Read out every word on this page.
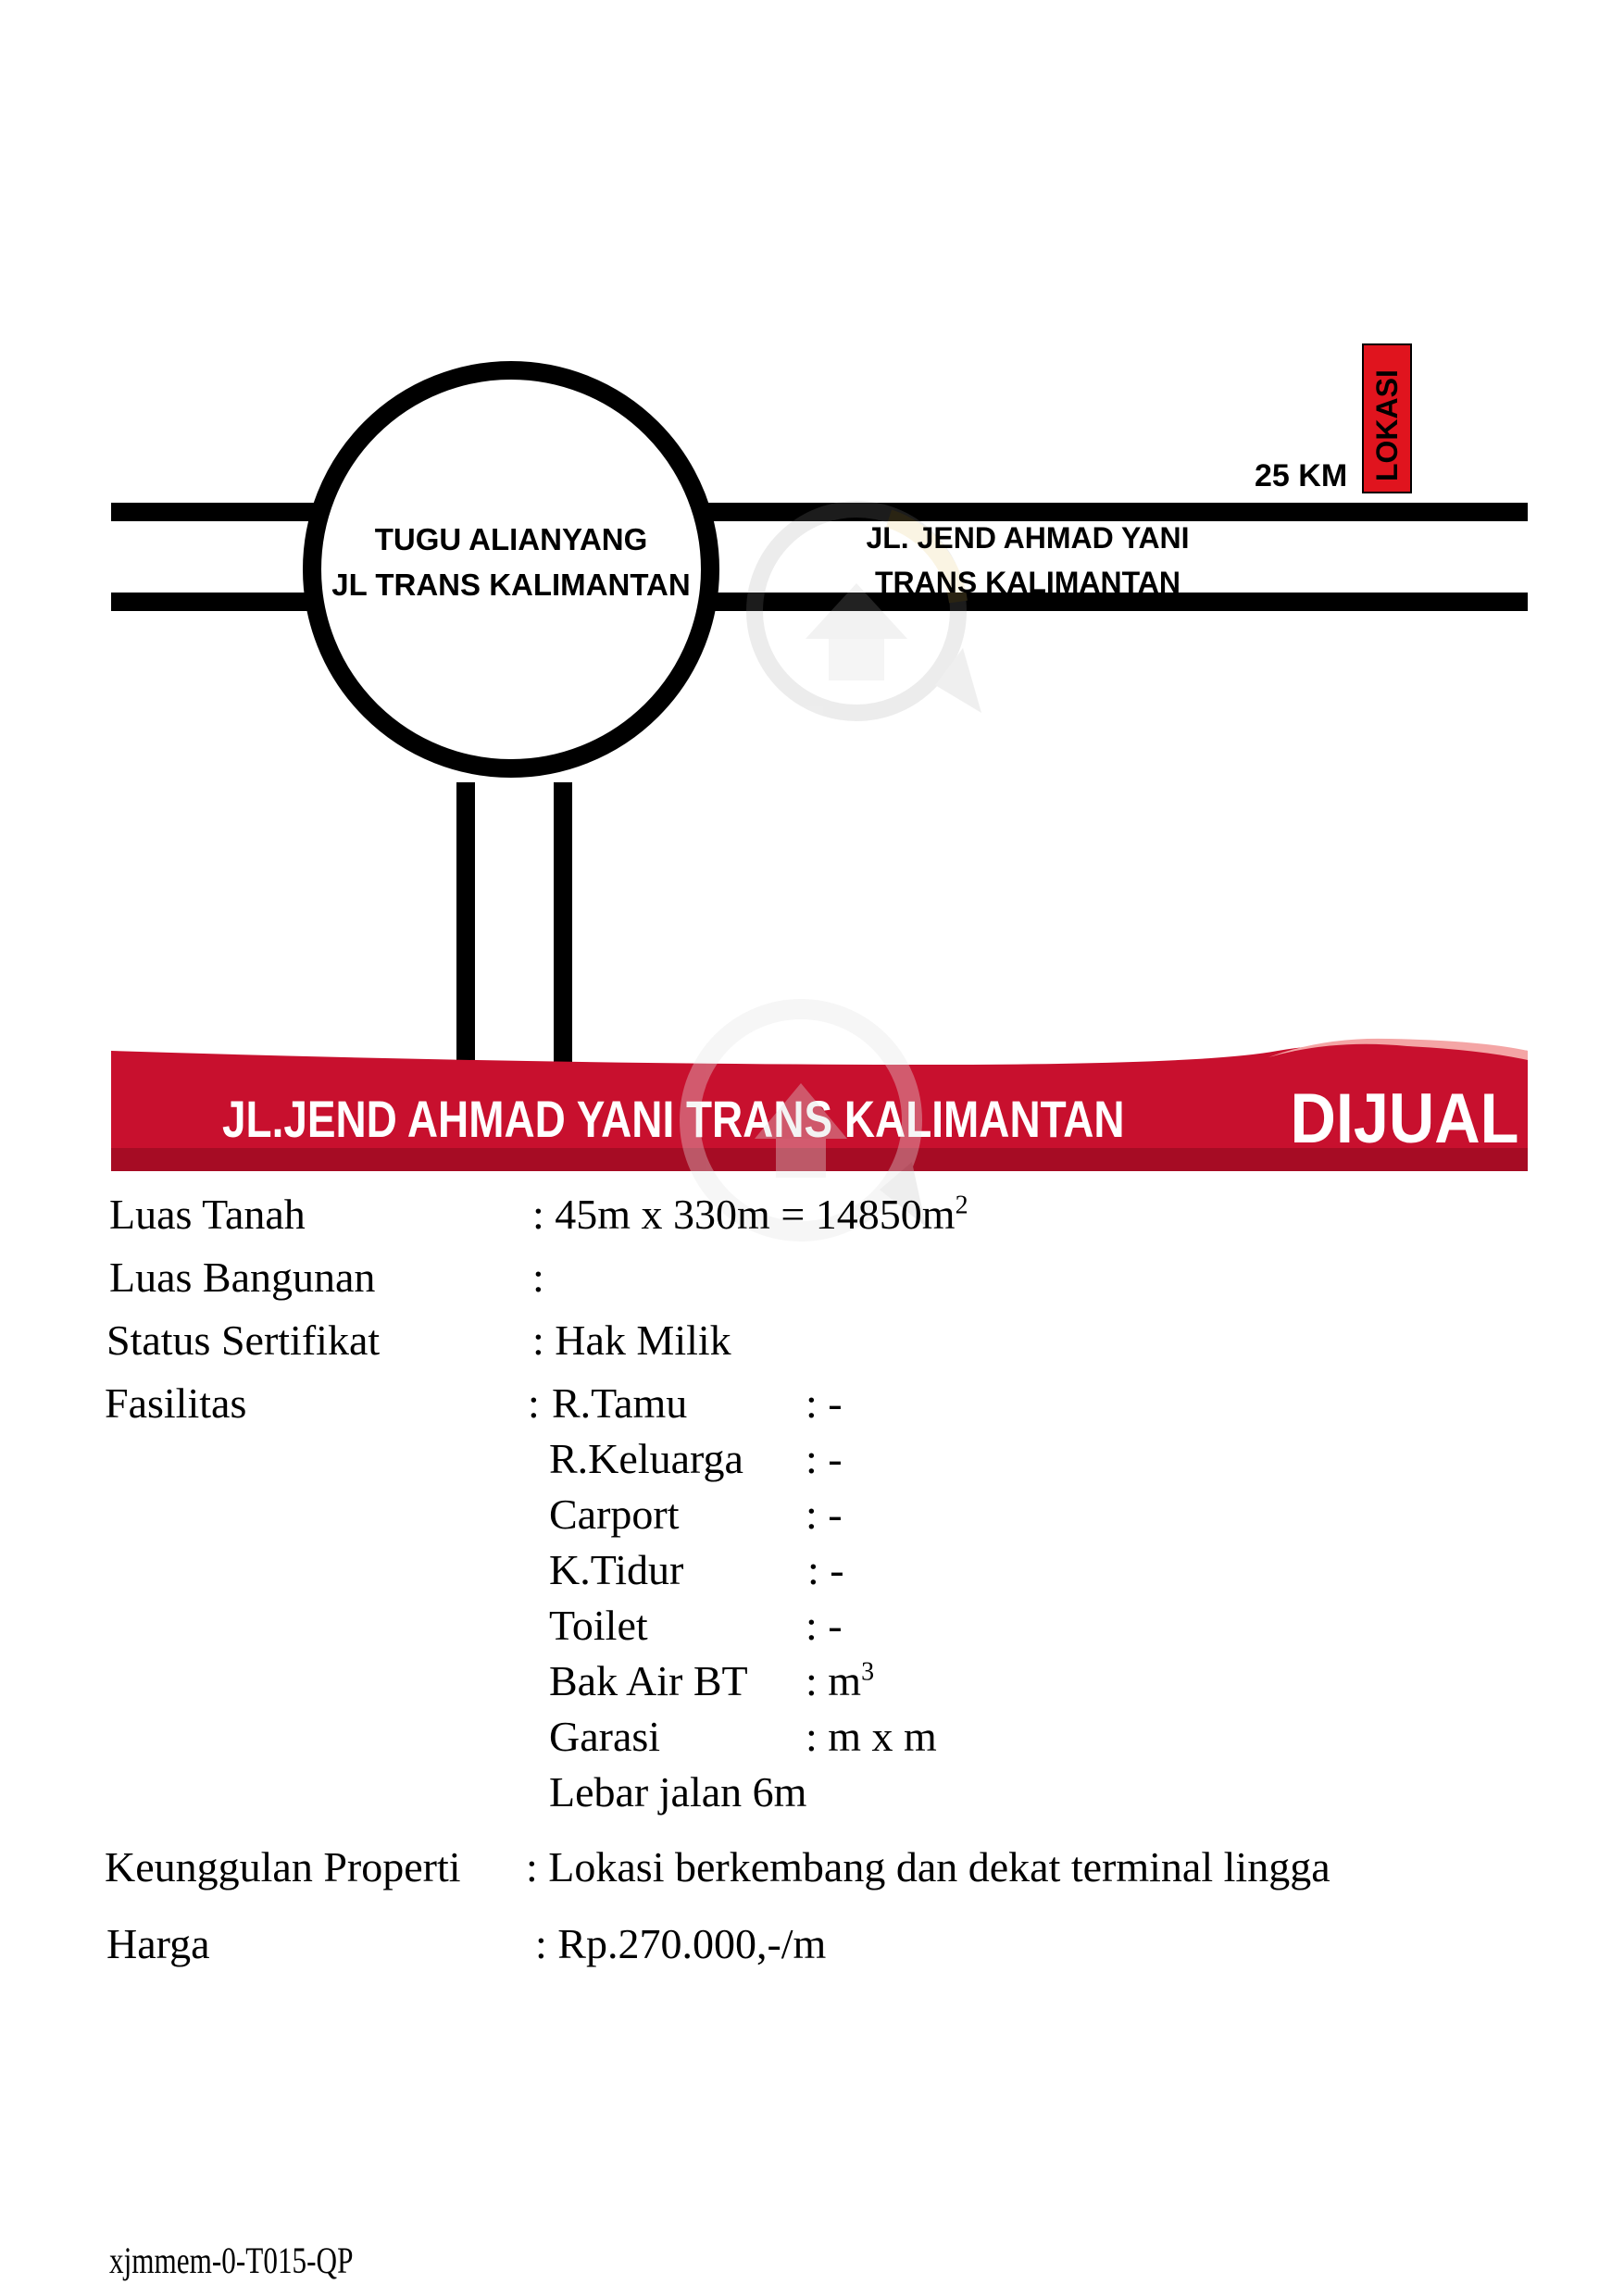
LOKASI
25 KM
TUGU ALIANYANG
JL TRANS KALIMANTAN
JL. JEND AHMAD YANI
TRANS KALIMANTAN
JL.JEND AHMAD YANI TRANS KALIMANTAN DIJUAL
Luas Tanah	: 45m x $330m = 14850m^2$
Luas Bangunan	:
Status Sertifikat	: Hak Milik
Fasilitas	: R.Tamu	: -
R.Keluarga : -
Carport	: -
K.Tidur	: -
Toilet	: -
Bak Air BT : $m^3$
Garasi	: m x m
Lebar jalan 6m
Keunggulan Properti : Lokasi berkembang dan dekat terminal lingga
Harga	: Rp.270.000,-/m
xjmmem-0-T015-QP
